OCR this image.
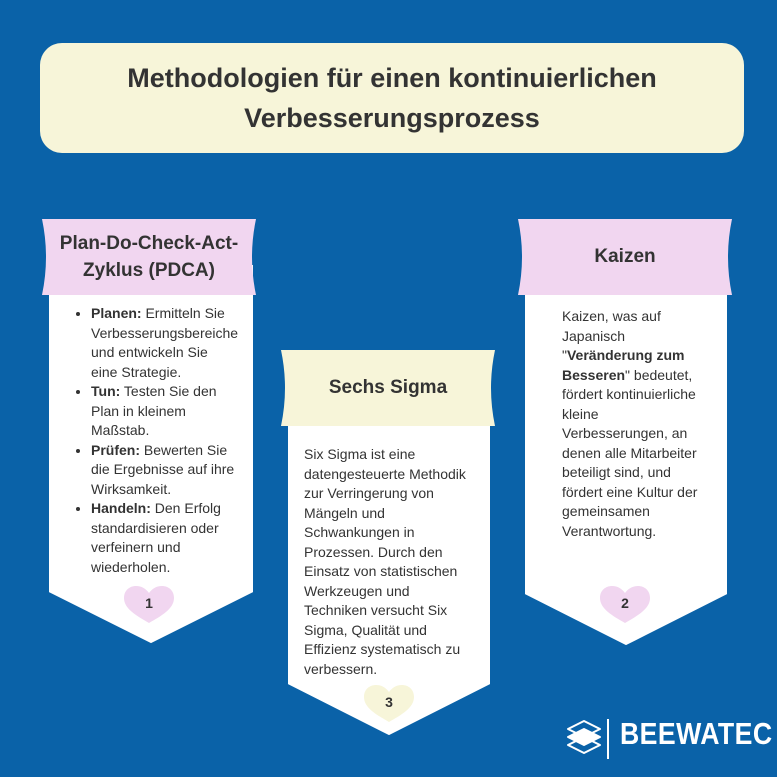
Methodologien für einen kontinuierlichen Verbesserungsprozess
Plan-Do-Check-Act-Zyklus (PDCA)
• Planen: Ermitteln Sie Verbesserungsbereiche und entwickeln Sie eine Strategie.
• Tun: Testen Sie den Plan in kleinem Maßstab.
• Prüfen: Bewerten Sie die Ergebnisse auf ihre Wirksamkeit.
• Handeln: Den Erfolg standardisieren oder verfeinern und wiederholen.
1
Sechs Sigma
Six Sigma ist eine datengesteuerte Methodik zur Verringerung von Mängeln und Schwankungen in Prozessen. Durch den Einsatz von statistischen Werkzeugen und Techniken versucht Six Sigma, Qualität und Effizienz systematisch zu verbessern.
3
Kaizen
Kaizen, was auf Japanisch "Veränderung zum Besseren" bedeutet, fördert kontinuierliche kleine Verbesserungen, an denen alle Mitarbeiter beteiligt sind, und fördert eine Kultur der gemeinsamen Verantwortung.
2
BEEWATEC
